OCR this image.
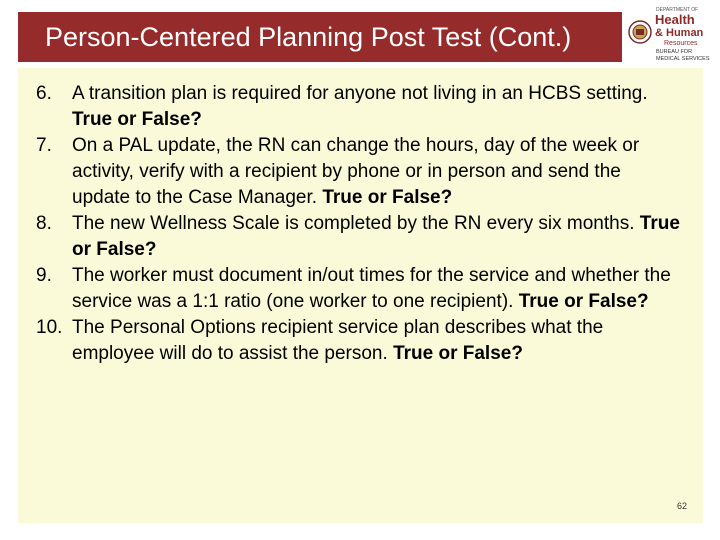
Person-Centered Planning Post Test (Cont.)
DEPARTMENT OF
Health
& Human
Resources
BUREAU FOR
MEDICAL SERVICES
6. A transition plan is required for anyone not living in an HCBS setting. True or False?
7. On a PAL update, the RN can change the hours, day of the week or activity, verify with a recipient by phone or in person and send the update to the Case Manager. True or False?
8. The new Wellness Scale is completed by the RN every six months. True or False?
9. The worker must document in/out times for the service and whether the service was a 1:1 ratio (one worker to one recipient). True or False?
10. The Personal Options recipient service plan describes what the employee will do to assist the person. True or False?
62
